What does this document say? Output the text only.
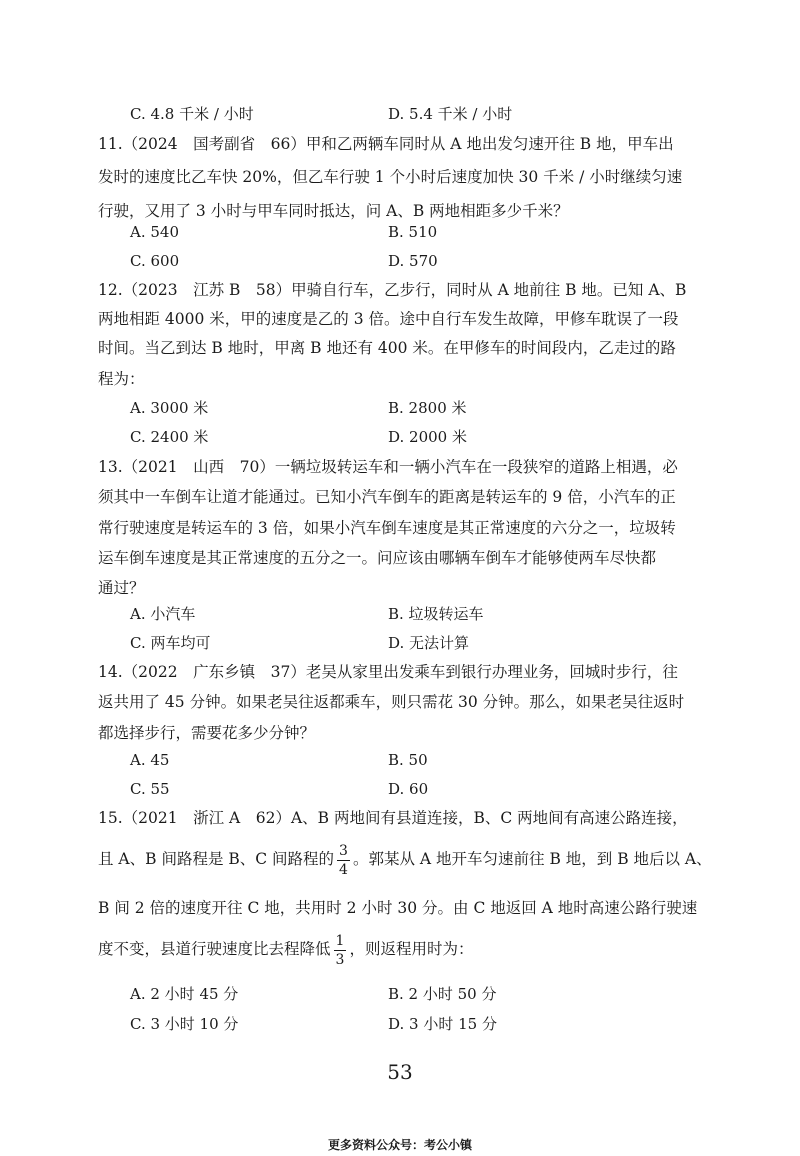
C. 4.8 千米 / 小时	D. 5.4 千米 / 小时
11.（2024　国考副省　66）甲和乙两辆车同时从 A 地出发匀速开往 B 地，甲车出
发时的速度比乙车快 20%，但乙车行驶 1 个小时后速度加快 30 千米 / 小时继续匀速
行驶，又用了 3 小时与甲车同时抵达，问 A、B 两地相距多少千米？
A. 540	B. 510
C. 600	D. 570
12.（2023　江苏 B　58）甲骑自行车，乙步行，同时从 A 地前往 B 地。已知 A、B
两地相距 4000 米，甲的速度是乙的 3 倍。途中自行车发生故障，甲修车耽误了一段
时间。当乙到达 B 地时，甲离 B 地还有 400 米。在甲修车的时间段内，乙走过的路
程为：
A. 3000 米	B. 2800 米
C. 2400 米	D. 2000 米
13.（2021　山西　70）一辆垃圾转运车和一辆小汽车在一段狭窄的道路上相遇，必
须其中一车倒车让道才能通过。已知小汽车倒车的距离是转运车的 9 倍，小汽车的正
常行驶速度是转运车的 3 倍，如果小汽车倒车速度是其正常速度的六分之一，垃圾转
运车倒车速度是其正常速度的五分之一。问应该由哪辆车倒车才能够使两车尽快都
通过？
A. 小汽车	B. 垃圾转运车
C. 两车均可	D. 无法计算
14.（2022　广东乡镇　37）老吴从家里出发乘车到银行办理业务，回城时步行，往
返共用了 45 分钟。如果老吴往返都乘车，则只需花 30 分钟。那么，如果老吴往返时
都选择步行，需要花多少分钟？
A. 45	B. 50
C. 55	D. 60
15.（2021　浙江 A　62）A、B 两地间有县道连接，B、C 两地间有高速公路连接，
且 A、B 间路程是 B、C 间路程的 $\frac{3}{4}$ 。郭某从 A 地开车匀速前往 B 地，到 B 地后以 A、
B 间 2 倍的速度开往 C 地，共用时 2 小时 30 分。由 C 地返回 A 地时高速公路行驶速
度不变，县道行驶速度比去程降低 $\frac{1}{3}$ ，则返程用时为：
A. 2 小时 45 分	B. 2 小时 50 分
C. 3 小时 10 分	D. 3 小时 15 分
53
更多资料公众号：考公小镇
